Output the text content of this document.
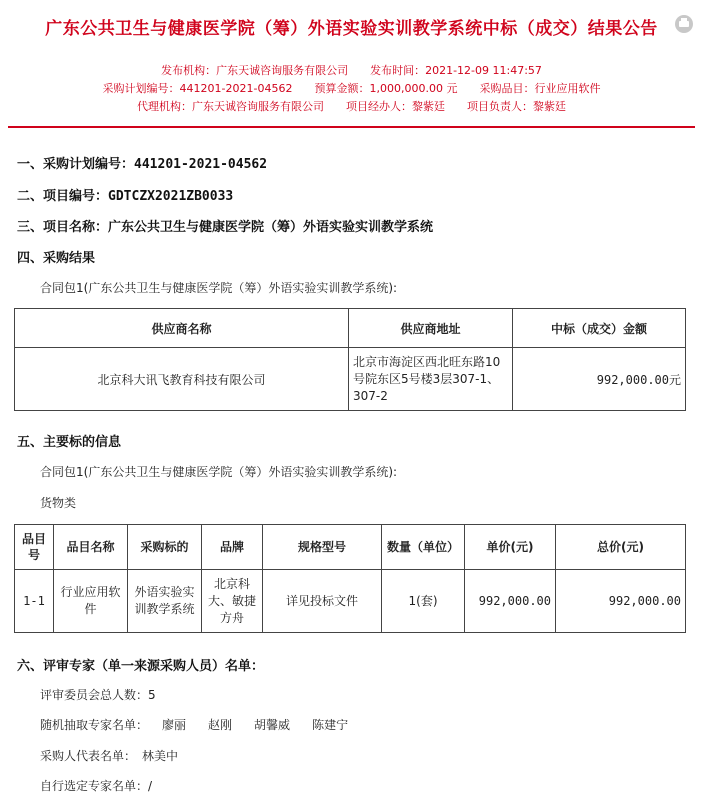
广东公共卫生与健康医学院（筹）外语实验实训教学系统中标（成交）结果公告
发布机构：广东天诚咨询服务有限公司 发布时间：2021-12-09 11:47:57
采购计划编号：441201-2021-04562 预算金额：1,000,000.00 元 采购品目：行业应用软件
代理机构：广东天诚咨询服务有限公司 项目经办人：黎紫廷 项目负责人：黎紫廷
一、采购计划编号：441201-2021-04562
二、项目编号：GDTCZX2021ZB0033
三、项目名称：广东公共卫生与健康医学院（筹）外语实验实训教学系统
四、采购结果
合同包1(广东公共卫生与健康医学院（筹）外语实验实训教学系统):
供应商名称	供应商地址	中标（成交）金额
北京科大讯飞教育科技有限公司	北京市海淀区西北旺东路10号院东区5号楼3层307-1、307-2	992,000.00元
五、主要标的信息
合同包1(广东公共卫生与健康医学院（筹）外语实验实训教学系统):
货物类
品目号	品目名称	采购标的	品牌	规格型号	数量（单位）	单价(元)	总价(元)
1-1	行业应用软件	外语实验实训教学系统	北京科大、敏捷方舟	详见投标文件	1(套)	992,000.00	992,000.00
六、评审专家（单一来源采购人员）名单：
评审委员会总人数：5
随机抽取专家名单： 廖丽 赵刚 胡馨威 陈建宁
采购人代表名单： 林美中
自行选定专家名单：/
